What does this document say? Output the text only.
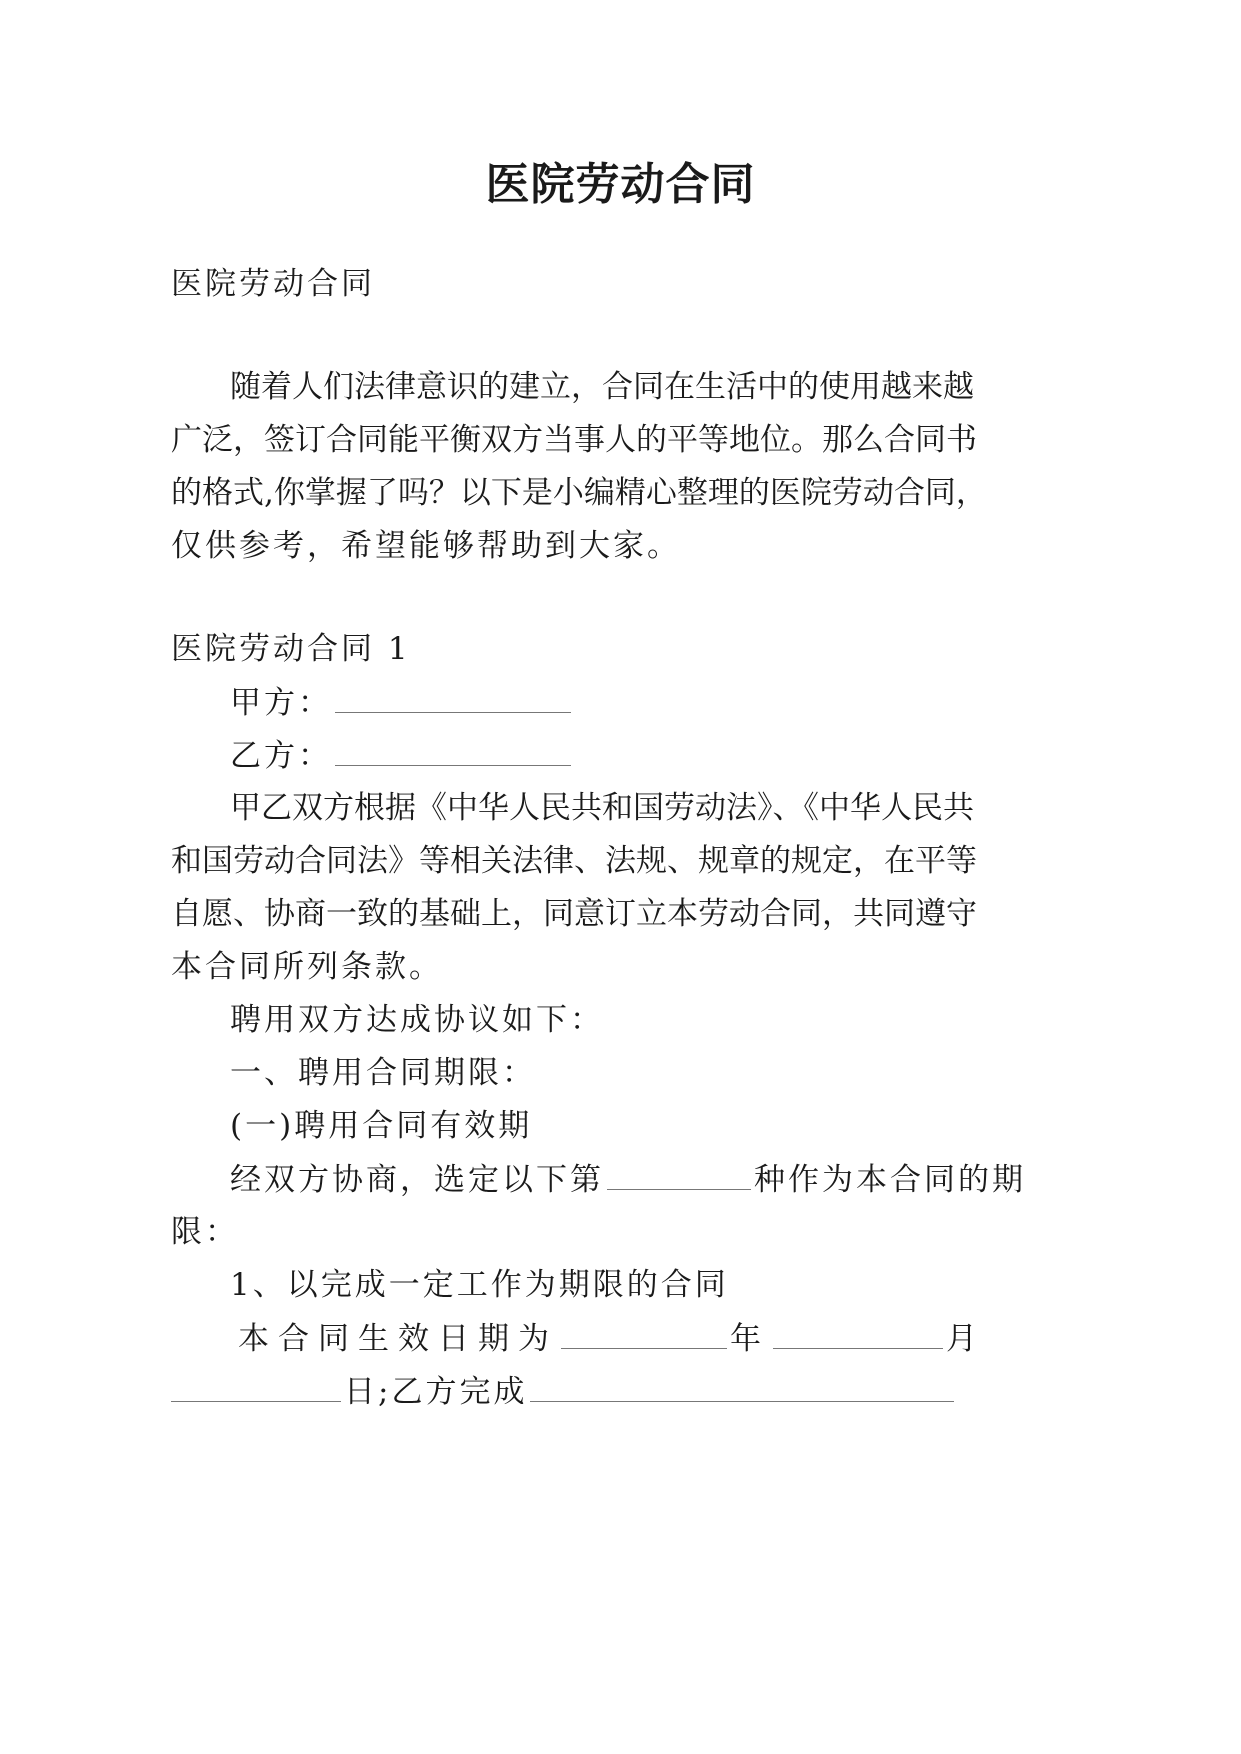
医院劳动合同
医院劳动合同
随着人们法律意识的建立，合同在生活中的使用越来越
广泛，签订合同能平衡双方当事人的平等地位。那么合同书
的格式,你掌握了吗？以下是小编精心整理的医院劳动合同，
仅供参考，希望能够帮助到大家。
医院劳动合同 1
甲方：
乙方：
甲乙双方根据《中华人民共和国劳动法》、《中华人民共
和国劳动合同法》等相关法律、法规、规章的规定，在平等
自愿、协商一致的基础上，同意订立本劳动合同，共同遵守
本合同所列条款。
聘用双方达成协议如下：
一、聘用合同期限：
(一)聘用合同有效期
经双方协商，选定以下第	种作为本合同的期
限：
1、以完成一定工作为期限的合同
本合同生效日期为	年	月
日;乙方完成
